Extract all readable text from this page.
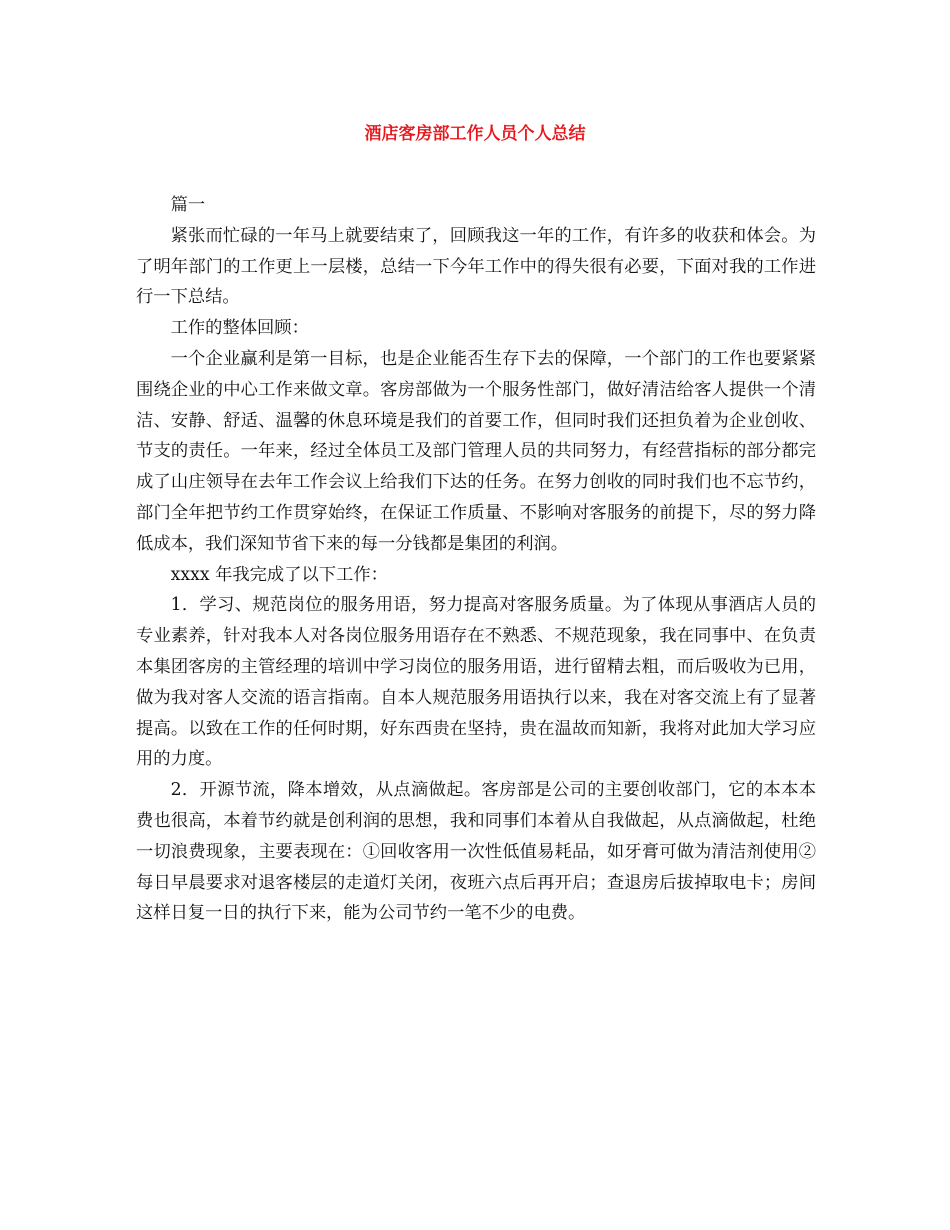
酒店客房部工作人员个人总结

篇一

紧张而忙碌的一年马上就要结束了，回顾我这一年的工作，有许多的收获和体会。为了明年部门的工作更上一层楼，总结一下今年工作中的得失很有必要，下面对我的工作进行一下总结。

工作的整体回顾：

一个企业赢利是第一目标，也是企业能否生存下去的保障，一个部门的工作也要紧紧围绕企业的中心工作来做文章。客房部做为一个服务性部门，做好清洁给客人提供一个清洁、安静、舒适、温馨的休息环境是我们的首要工作，但同时我们还担负着为企业创收、节支的责任。一年来，经过全体员工及部门管理人员的共同努力，有经营指标的部分都完成了山庄领导在去年工作会议上给我们下达的任务。在努力创收的同时我们也不忘节约，部门全年把节约工作贯穿始终，在保证工作质量、不影响对客服务的前提下，尽的努力降低成本，我们深知节省下来的每一分钱都是集团的利润。

xxxx 年我完成了以下工作：

1．学习、规范岗位的服务用语，努力提高对客服务质量。为了体现从事酒店人员的专业素养，针对我本人对各岗位服务用语存在不熟悉、不规范现象，我在同事中、在负责本集团客房的主管经理的培训中学习岗位的服务用语，进行留精去粗，而后吸收为已用，做为我对客人交流的语言指南。自本人规范服务用语执行以来，我在对客交流上有了显著提高。以致在工作的任何时期，好东西贵在坚持，贵在温故而知新，我将对此加大学习应用的力度。

2．开源节流，降本增效，从点滴做起。客房部是公司的主要创收部门，它的本本本费也很高，本着节约就是创利润的思想，我和同事们本着从自我做起，从点滴做起，杜绝一切浪费现象，主要表现在：①回收客用一次性低值易耗品，如牙膏可做为清洁剂使用②每日早晨要求对退客楼层的走道灯关闭，夜班六点后再开启；查退房后拔掉取电卡；房间这样日复一日的执行下来，能为公司节约一笔不少的电费。
